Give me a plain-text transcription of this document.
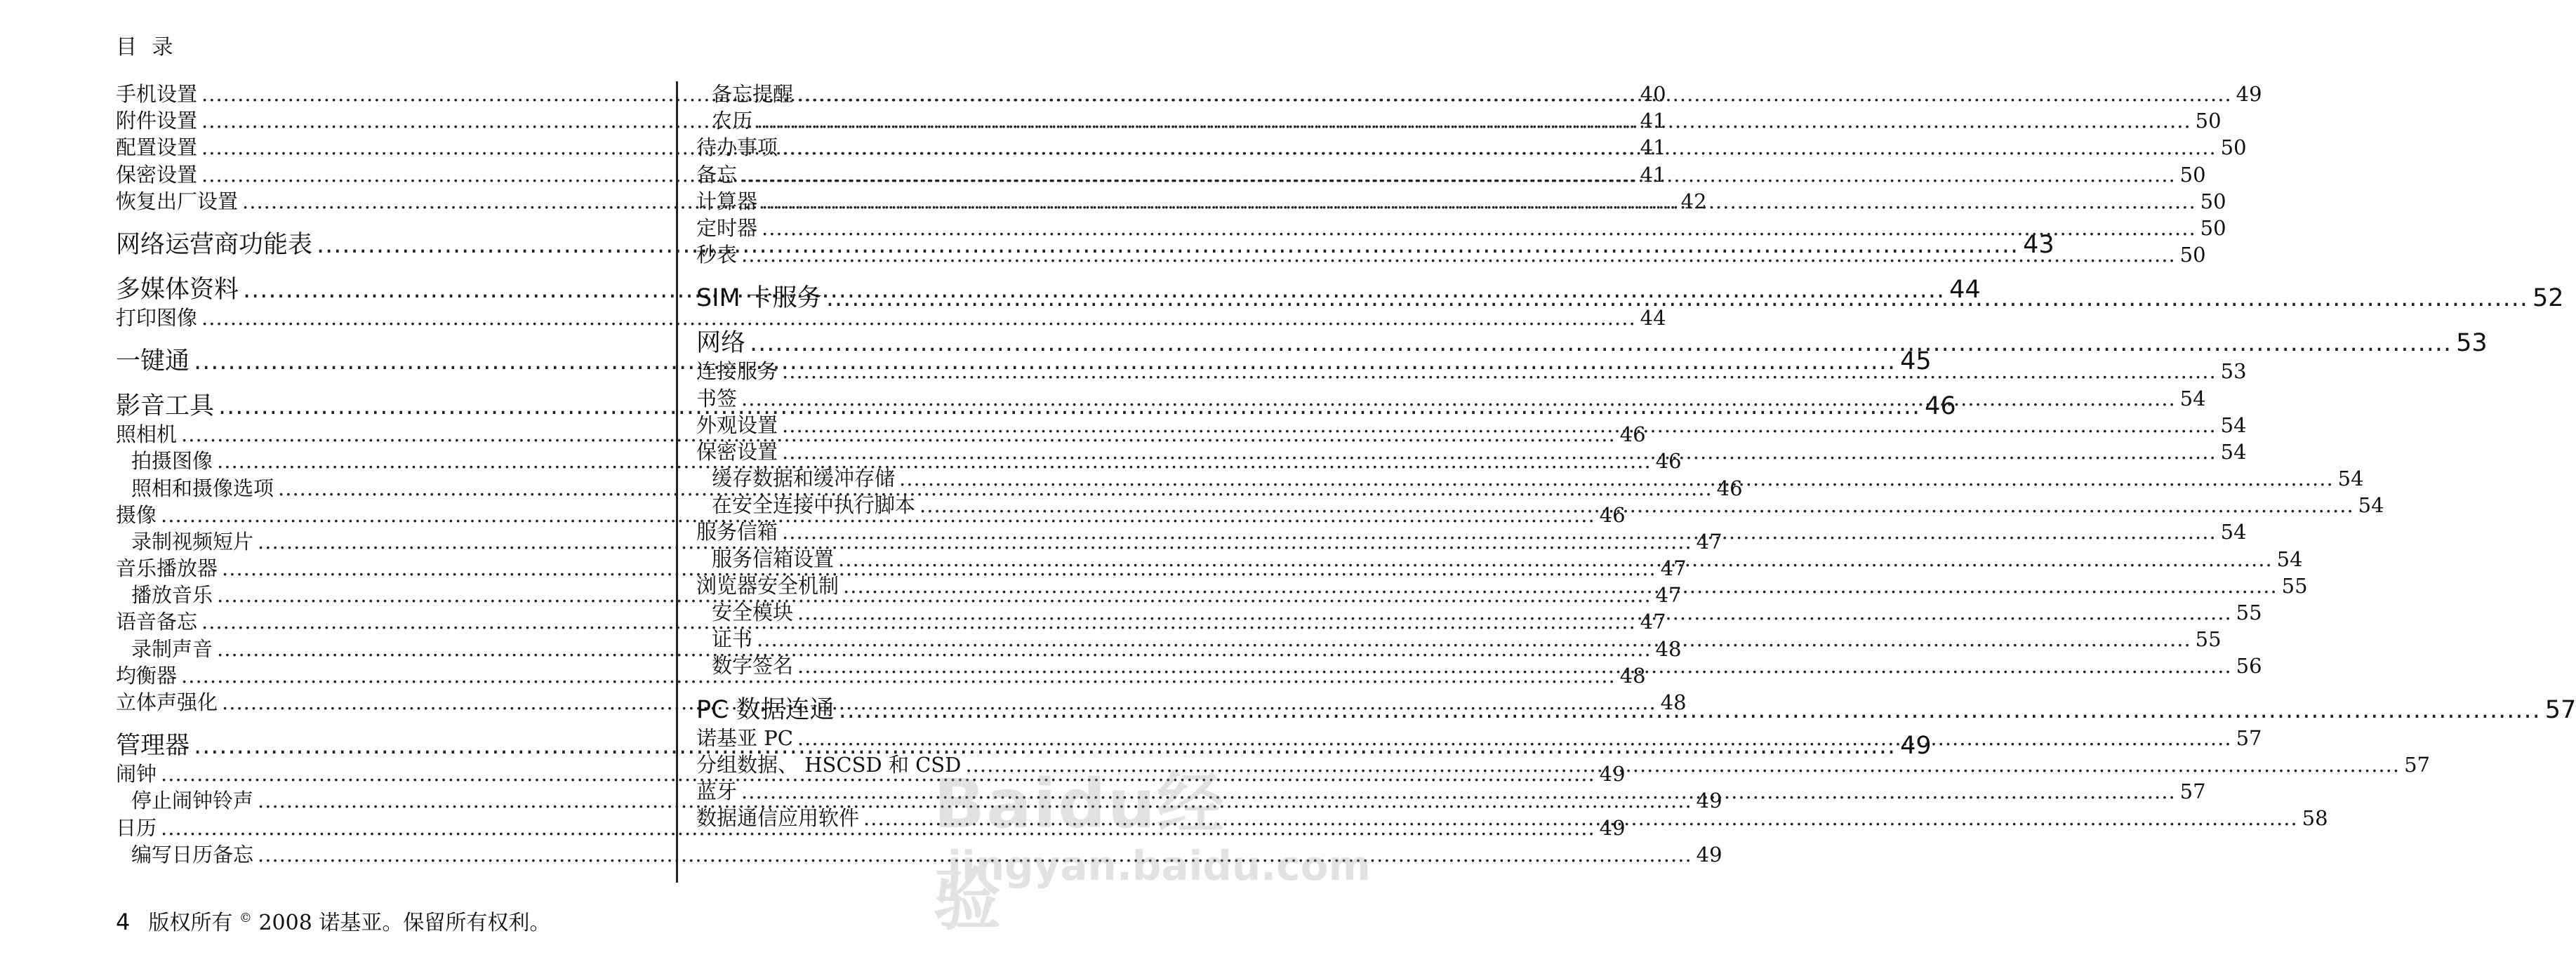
目 录
手机设置 .....	40
附件设置 .....	41
配置设置 .....	41
保密设置 .....	41
恢复出厂设置 .....	42
网络运营商功能表 .....	43
多媒体资料 .....	44
打印图像 .....	44
一键通 .....	45
影音工具 .....	46
照相机 .....	46
拍摄图像 .....	46
照相和摄像选项 .....	46
摄像 .....	46
录制视频短片 .....	47
音乐播放器 .....	47
播放音乐 .....	47
语音备忘 .....	47
录制声音 .....	48
均衡器 .....	48
立体声强化 .....	48
管理器 .....	49
闹钟 .....	49
停止闹钟铃声 .....	49
日历 .....	49
编写日历备忘 .....	49
备忘提醒 .....	49
农历 .....	50
待办事项 .....	50
备忘 .....	50
计算器 .....	50
定时器 .....	50
秒表 .....	50
SIM 卡服务 .....	52
网络 .....	53
连接服务 .....	53
书签 .....	54
外观设置 .....	54
保密设置 .....	54
缓存数据和缓冲存储 .....	54
在安全连接中执行脚本 .....	54
服务信箱 .....	54
服务信箱设置 .....	54
浏览器安全机制 .....	55
安全模块 .....	55
证书 .....	55
数字签名 .....	56
PC 数据连通 .....	57
诺基亚 PC .....	57
分组数据、 HSCSD 和 CSD .....	57
蓝牙 .....	57
数据通信应用软件 .....	58
4 版权所有 © 2008 诺基亚。保留所有权利。
Baidu经验
jingyan.baidu.com
